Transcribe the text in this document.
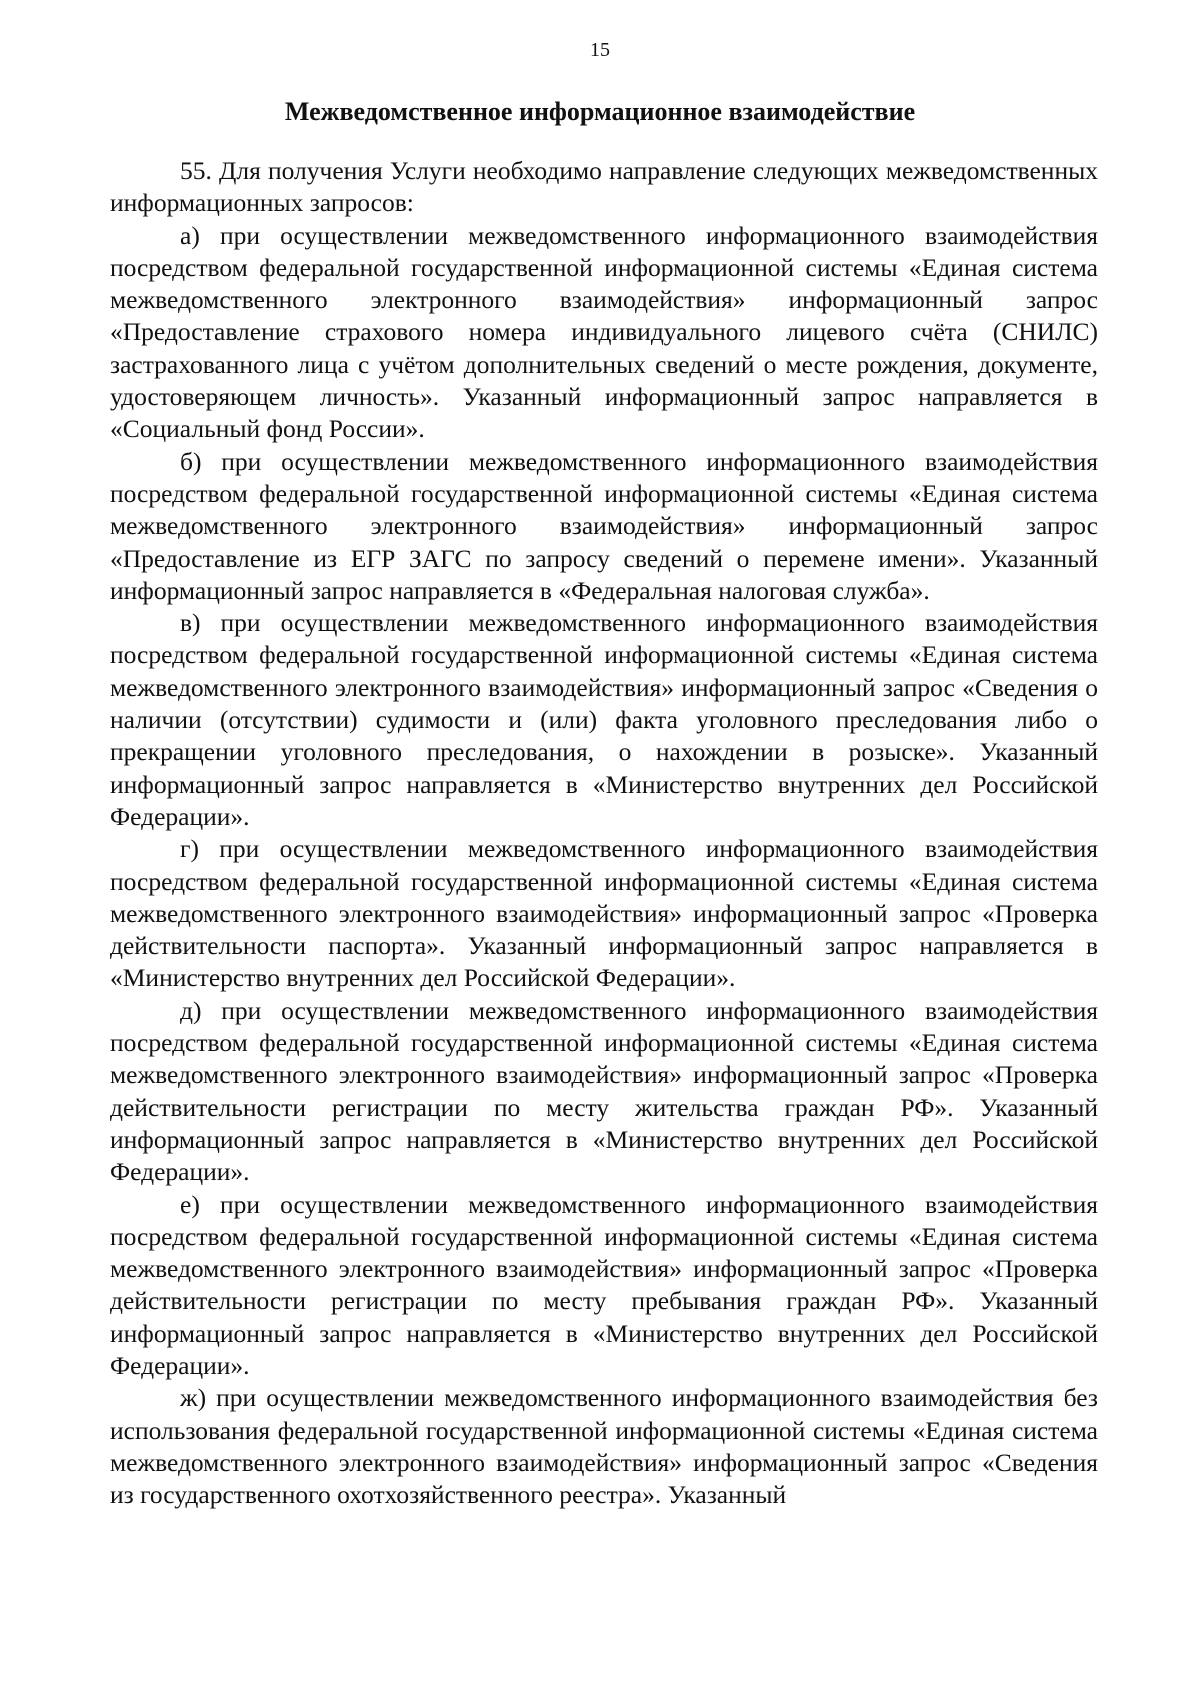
15
Межведомственное информационное взаимодействие

55. Для получения Услуги необходимо направление следующих межведомственных информационных запросов:

а) при осуществлении межведомственного информационного взаимодействия посредством федеральной государственной информационной системы «Единая система межведомственного электронного взаимодействия» информационный запрос «Предоставление страхового номера индивидуального лицевого счёта (СНИЛС) застрахованного лица с учётом дополнительных сведений о месте рождения, документе, удостоверяющем личность». Указанный информационный запрос направляется в «Социальный фонд России».

б) при осуществлении межведомственного информационного взаимодействия посредством федеральной государственной информационной системы «Единая система межведомственного электронного взаимодействия» информационный запрос «Предоставление из ЕГР ЗАГС по запросу сведений о перемене имени». Указанный информационный запрос направляется в «Федеральная налоговая служба».

в) при осуществлении межведомственного информационного взаимодействия посредством федеральной государственной информационной системы «Единая система межведомственного электронного взаимодействия» информационный запрос «Сведения о наличии (отсутствии) судимости и (или) факта уголовного преследования либо о прекращении уголовного преследования, о нахождении в розыске». Указанный информационный запрос направляется в «Министерство внутренних дел Российской Федерации».

г) при осуществлении межведомственного информационного взаимодействия посредством федеральной государственной информационной системы «Единая система межведомственного электронного взаимодействия» информационный запрос «Проверка действительности паспорта». Указанный информационный запрос направляется в «Министерство внутренних дел Российской Федерации».

д) при осуществлении межведомственного информационного взаимодействия посредством федеральной государственной информационной системы «Единая система межведомственного электронного взаимодействия» информационный запрос «Проверка действительности регистрации по месту жительства граждан РФ». Указанный информационный запрос направляется в «Министерство внутренних дел Российской Федерации».

е) при осуществлении межведомственного информационного взаимодействия посредством федеральной государственной информационной системы «Единая система межведомственного электронного взаимодействия» информационный запрос «Проверка действительности регистрации по месту пребывания граждан РФ». Указанный информационный запрос направляется в «Министерство внутренних дел Российской Федерации».

ж) при осуществлении межведомственного информационного взаимодействия без использования федеральной государственной информационной системы «Единая система межведомственного электронного взаимодействия» информационный запрос «Сведения из государственного охотхозяйственного реестра». Указанный
